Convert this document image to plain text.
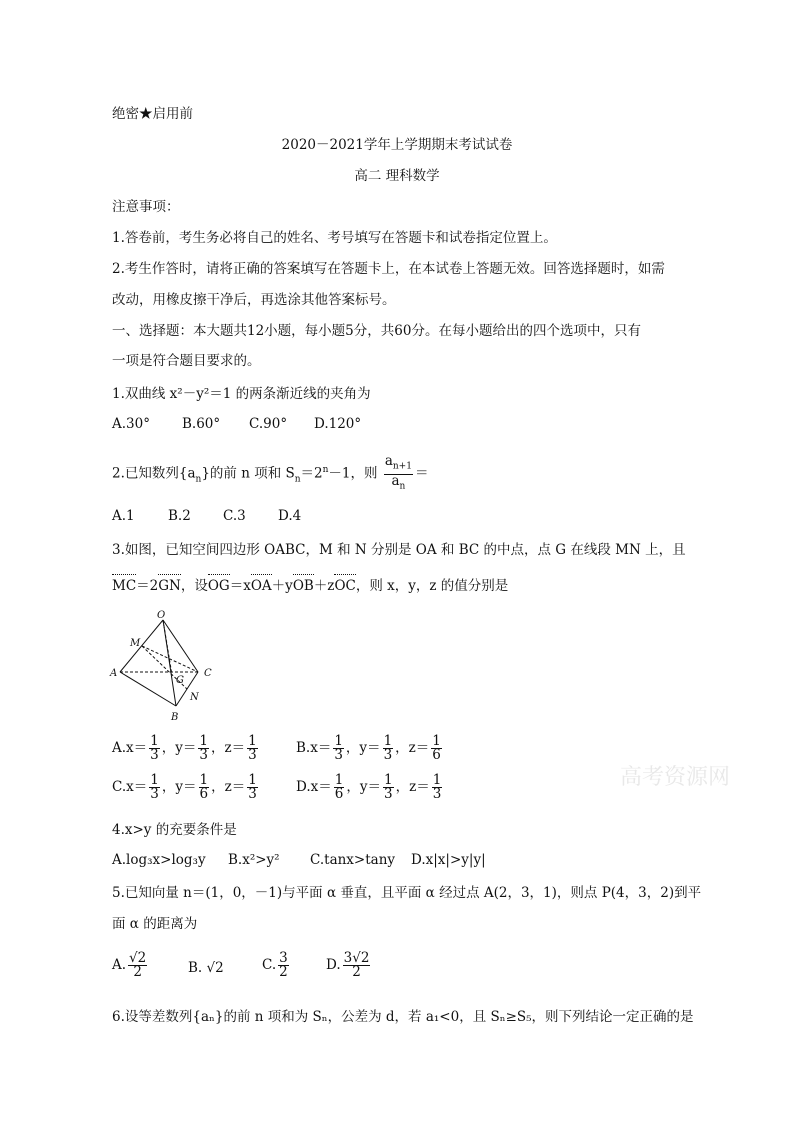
绝密★启用前
2020－2021学年上学期期末考试试卷
高二 理科数学
注意事项：
1.答卷前，考生务必将自己的姓名、考号填写在答题卡和试卷指定位置上。
2.考生作答时，请将正确的答案填写在答题卡上，在本试卷上答题无效。回答选择题时，如需
改动，用橡皮擦干净后，再选涂其他答案标号。
一、选择题：本大题共12小题，每小题5分，共60分。在每小题给出的四个选项中，只有
一项是符合题目要求的。
1.双曲线 x²－y²＝1 的两条渐近线的夹角为
A.30° B.60° C.90° D.120°
2.已知数列$\{a_n\}$的前 n 项和 $S_n=2^n-1$，则 $\frac{a_{n+1}}{a_n}$ ＝
A.1 B.2 C.3 D.4
3.如图，已知空间四边形 OABC，M 和 N 分别是 OA 和 BC 的中点，点 G 在线段 MN 上，且
MC＝2GN，设OG＝xOA＋yOB＋zOC，则 x，y，z 的值分别是
O
M
A
G
C
N
B
$A.x= \frac{1}{3}$ ，$y= \frac{1}{3}$ ，$z= \frac{1}{3}$	$B.x= \frac{1}{3}$ ，$y= \frac{1}{3}$ ，$z= \frac{1}{6}$
$C.x= \frac{1}{3}$ ，$y= \frac{1}{6}$ ，$z= \frac{1}{3}$	$D.x= \frac{1}{6}$ ，$y= \frac{1}{3}$ ，$z= \frac{1}{3}$
4.x>y 的充要条件是
A.log₃x>log₃y B.x²>y² C.tanx>tany D.x|x|>y|y|
5.已知向量 n＝(1，0，－1)与平面 α 垂直，且平面 α 经过点 A(2，3，1)，则点 P(4，3，2)到平
面 α 的距离为
A. $\frac{√2}{2}$	B. √2	C. $\frac{3}{2}$	D. $\frac{3√2}{2}$
6.设等差数列{aₙ}的前 n 项和为 Sₙ，公差为 d，若 a₁<0，且 Sₙ≥S₅，则下列结论一定正确的是
高考资源网
